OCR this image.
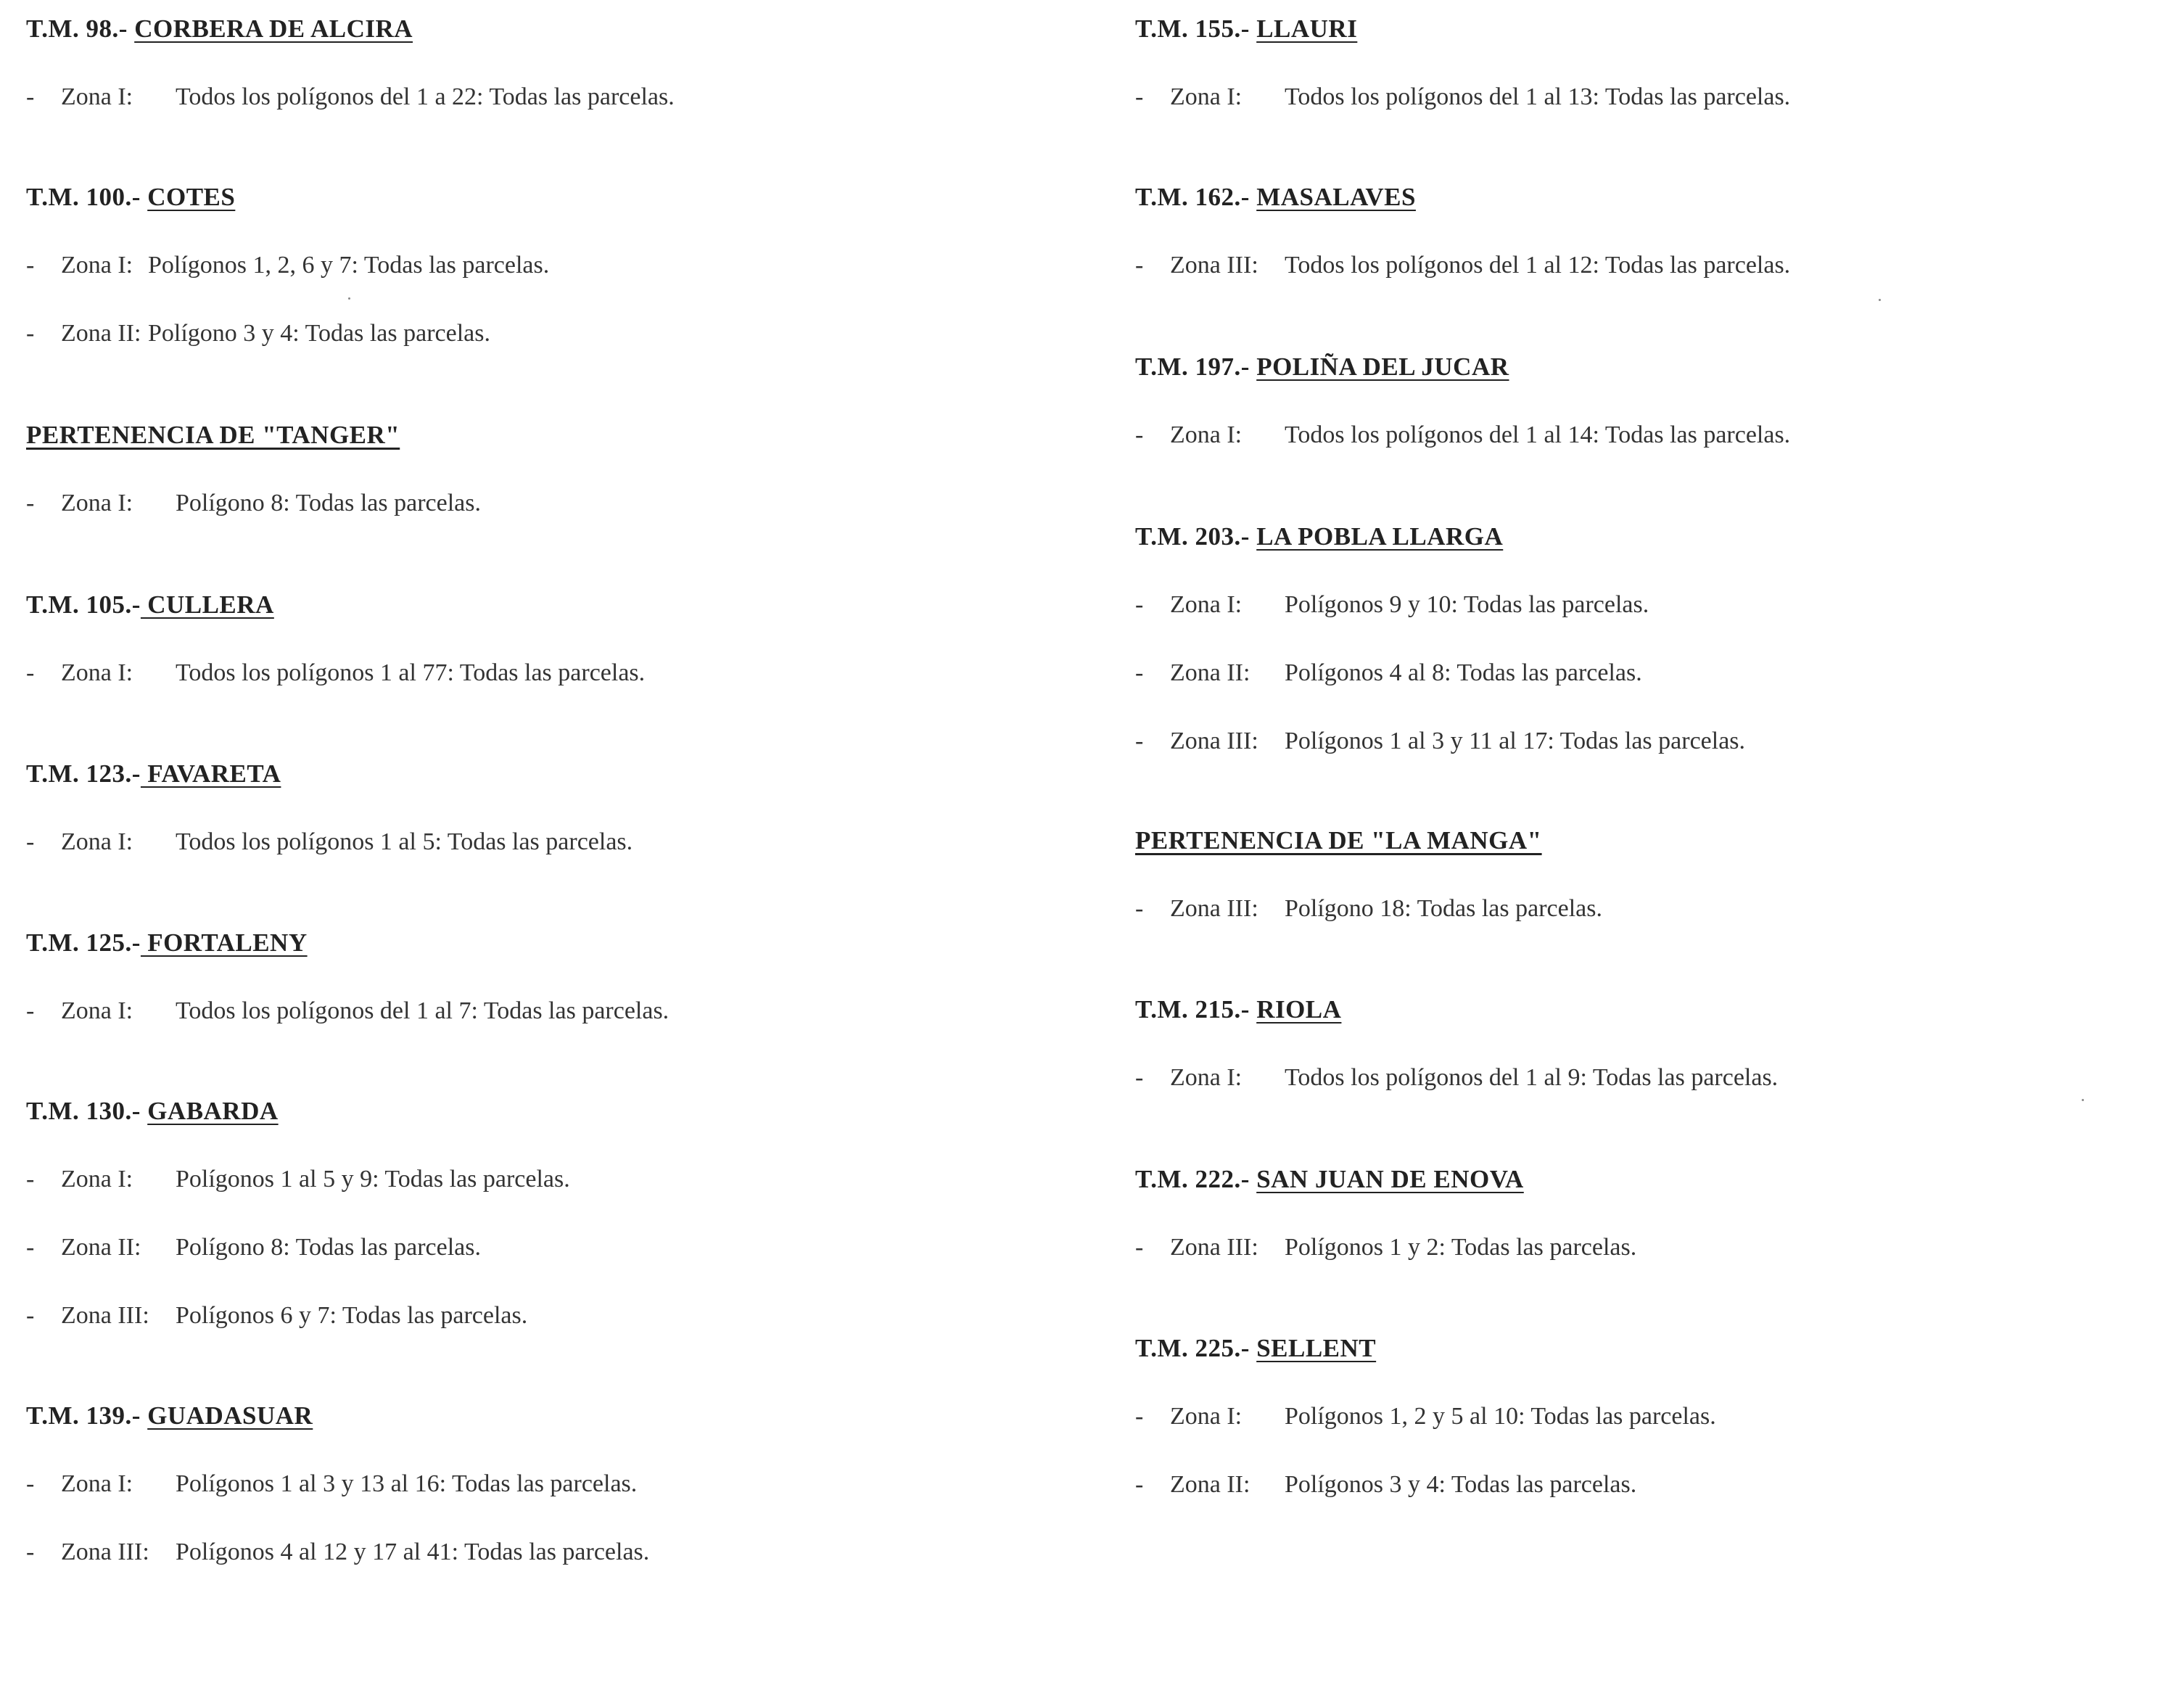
T.M. 98.- CORBERA DE ALCIRA
- Zona I: Todos los polígonos del 1 a 22: Todas las parcelas.
T.M. 100.- COTES
- Zona I: Polígonos 1, 2, 6 y 7: Todas las parcelas.
- Zona II: Polígono 3 y 4: Todas las parcelas.
PERTENENCIA DE "TANGER"
- Zona I: Polígono 8: Todas las parcelas.
T.M. 105.- CULLERA
- Zona I: Todos los polígonos 1 al 77: Todas las parcelas.
T.M. 123.- FAVARETA
- Zona I: Todos los polígonos 1 al 5: Todas las parcelas.
T.M. 125.- FORTALENY
- Zona I: Todos los polígonos del 1 al 7: Todas las parcelas.
T.M. 130.- GABARDA
- Zona I: Polígonos 1 al 5 y 9: Todas las parcelas.
- Zona II: Polígono 8: Todas las parcelas.
- Zona III: Polígonos 6 y 7: Todas las parcelas.
T.M. 139.- GUADASUAR
- Zona I: Polígonos 1 al 3 y 13 al 16: Todas las parcelas.
- Zona III: Polígonos 4 al 12 y 17 al 41: Todas las parcelas.
T.M. 155.- LLAURI
- Zona I: Todos los polígonos del 1 al 13: Todas las parcelas.
T.M. 162.- MASALAVES
- Zona III: Todos los polígonos del 1 al 12: Todas las parcelas.
T.M. 197.- POLIÑA DEL JUCAR
- Zona I: Todos los polígonos del 1 al 14: Todas las parcelas.
T.M. 203.- LA POBLA LLARGA
- Zona I: Polígonos 9 y 10: Todas las parcelas.
- Zona II: Polígonos 4 al 8: Todas las parcelas.
- Zona III: Polígonos 1 al 3 y 11 al 17: Todas las parcelas.
PERTENENCIA DE "LA MANGA"
- Zona III: Polígono 18: Todas las parcelas.
T.M. 215.- RIOLA
- Zona I: Todos los polígonos del 1 al 9: Todas las parcelas.
T.M. 222.- SAN JUAN DE ENOVA
- Zona III: Polígonos 1 y 2: Todas las parcelas.
T.M. 225.- SELLENT
- Zona I: Polígonos 1, 2 y 5 al 10: Todas las parcelas.
- Zona II: Polígonos 3 y 4: Todas las parcelas.
